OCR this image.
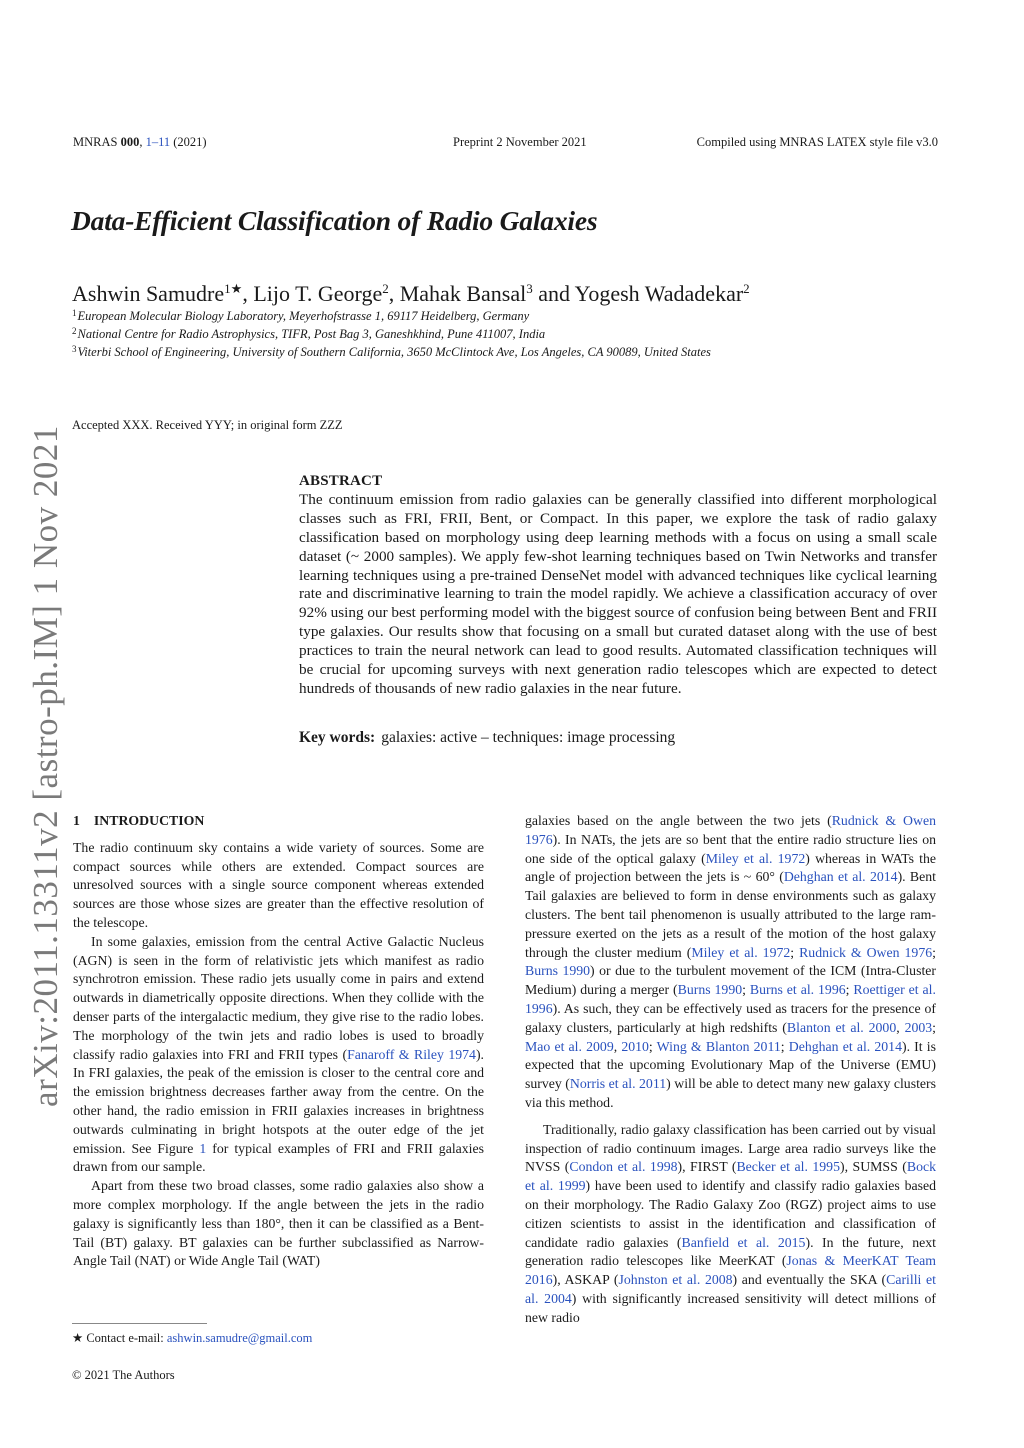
MNRAS 000, 1–11 (2021)	Preprint 2 November 2021	Compiled using MNRAS LATEX style file v3.0
Data-Efficient Classification of Radio Galaxies
Ashwin Samudre$^{1★}$, Lijo T. George$^2$, Mahak Bansal$^3$ and Yogesh Wadadekar$^2$
$^1$European Molecular Biology Laboratory, Meyerhofstrasse 1, 69117 Heidelberg, Germany
$^2$National Centre for Radio Astrophysics, TIFR, Post Bag 3, Ganeshkhind, Pune 411007, India
$^3$Viterbi School of Engineering, University of Southern California, 3650 McClintock Ave, Los Angeles, CA 90089, United States
Accepted XXX. Received YYY; in original form ZZZ
ABSTRACT

The continuum emission from radio galaxies can be generally classified into different morphological classes such as FRI, FRII, Bent, or Compact. In this paper, we explore the task of radio galaxy classification based on morphology using deep learning methods with a focus on using a small scale dataset (~ 2000 samples). We apply few-shot learning techniques based on Twin Networks and transfer learning techniques using a pre-trained DenseNet model with advanced techniques like cyclical learning rate and discriminative learning to train the model rapidly. We achieve a classification accuracy of over 92% using our best performing model with the biggest source of confusion being between Bent and FRII type galaxies. Our results show that focusing on a small but curated dataset along with the use of best practices to train the neural network can lead to good results. Automated classification techniques will be crucial for upcoming surveys with next generation radio telescopes which are expected to detect hundreds of thousands of new radio galaxies in the near future.

Key words: galaxies: active – techniques: image processing
arXiv:2011.13311v2 [astro-ph.IM] 1 Nov 2021 1 INTRODUCTION

The radio continuum sky contains a wide variety of sources. Some are compact sources while others are extended. Compact sources are unresolved sources with a single source component whereas extended sources are those whose sizes are greater than the effective resolution of the telescope.

In some galaxies, emission from the central Active Galactic Nucleus (AGN) is seen in the form of relativistic jets which manifest as radio synchrotron emission. These radio jets usually come in pairs and extend outwards in diametrically opposite directions. When they collide with the denser parts of the intergalactic medium, they give rise to the radio lobes. The morphology of the twin jets and radio lobes is used to broadly classify radio galaxies into FRI and FRII types (Fanaroff & Riley 1974). In FRI galaxies, the peak of the emission is closer to the central core and the emission brightness decreases farther away from the centre. On the other hand, the radio emission in FRII galaxies increases in brightness outwards culminating in bright hotspots at the outer edge of the jet emission. See Figure 1 for typical examples of FRI and FRII galaxies drawn from our sample.

Apart from these two broad classes, some radio galaxies also show a more complex morphology. If the angle between the jets in the radio galaxy is significantly less than 180°, then it can be classified as a Bent-Tail (BT) galaxy. BT galaxies can be further subclassified as Narrow-Angle Tail (NAT) or Wide Angle Tail (WAT)

galaxies based on the angle between the two jets (Rudnick & Owen 1976). In NATs, the jets are so bent that the entire radio structure lies on one side of the optical galaxy (Miley et al. 1972) whereas in WATs the angle of projection between the jets is ~ 60° (Dehghan et al. 2014). Bent Tail galaxies are believed to form in dense environments such as galaxy clusters. The bent tail phenomenon is usually attributed to the large ram-pressure exerted on the jets as a result of the motion of the host galaxy through the cluster medium (Miley et al. 1972; Rudnick & Owen 1976; Burns 1990) or due to the turbulent movement of the ICM (Intra-Cluster Medium) during a merger (Burns 1990; Burns et al. 1996; Roettiger et al. 1996). As such, they can be effectively used as tracers for the presence of galaxy clusters, particularly at high redshifts (Blanton et al. 2000, 2003; Mao et al. 2009, 2010; Wing & Blanton 2011; Dehghan et al. 2014). It is expected that the upcoming Evolutionary Map of the Universe (EMU) survey (Norris et al. 2011) will be able to detect many new galaxy clusters via this method.

Traditionally, radio galaxy classification has been carried out by visual inspection of radio continuum images. Large area radio surveys like the NVSS (Condon et al. 1998), FIRST (Becker et al. 1995), SUMSS (Bock et al. 1999) have been used to identify and classify radio galaxies based on their morphology. The Radio Galaxy Zoo (RGZ) project aims to use citizen scientists to assist in the identification and classification of candidate radio galaxies (Banfield et al. 2015). In the future, next generation radio telescopes like MeerKAT (Jonas & MeerKAT Team 2016), ASKAP (Johnston et al. 2008) and eventually the SKA (Carilli et al. 2004) with significantly increased sensitivity will detect millions of new radio

★ Contact e-mail: ashwin.samudre@gmail.com
© 2021 The Authors
